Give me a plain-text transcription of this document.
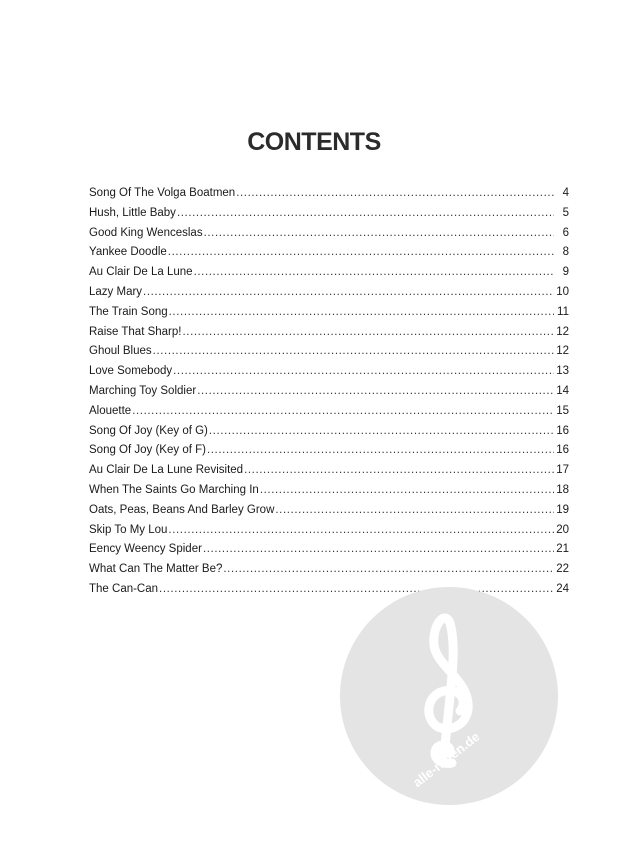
CONTENTS
Song Of The Volga Boatmen .....	4
Hush, Little Baby .....	5
Good King Wenceslas .....	6
Yankee Doodle .....	8
Au Clair De La Lune .....	9
Lazy Mary .....	10
The Train Song .....	11
Raise That Sharp! .....	12
Ghoul Blues .....	12
Love Somebody .....	13
Marching Toy Soldier .....	14
Alouette .....	15
Song Of Joy (Key of G) .....	16
Song Of Joy (Key of F) .....	16
Au Clair De La Lune Revisited .....	17
When The Saints Go Marching In .....	18
Oats, Peas, Beans And Barley Grow .....	19
Skip To My Lou .....	20
Eency Weency Spider .....	21
What Can The Matter Be? .....	22
The Can-Can .....	24
alle-noten.de
